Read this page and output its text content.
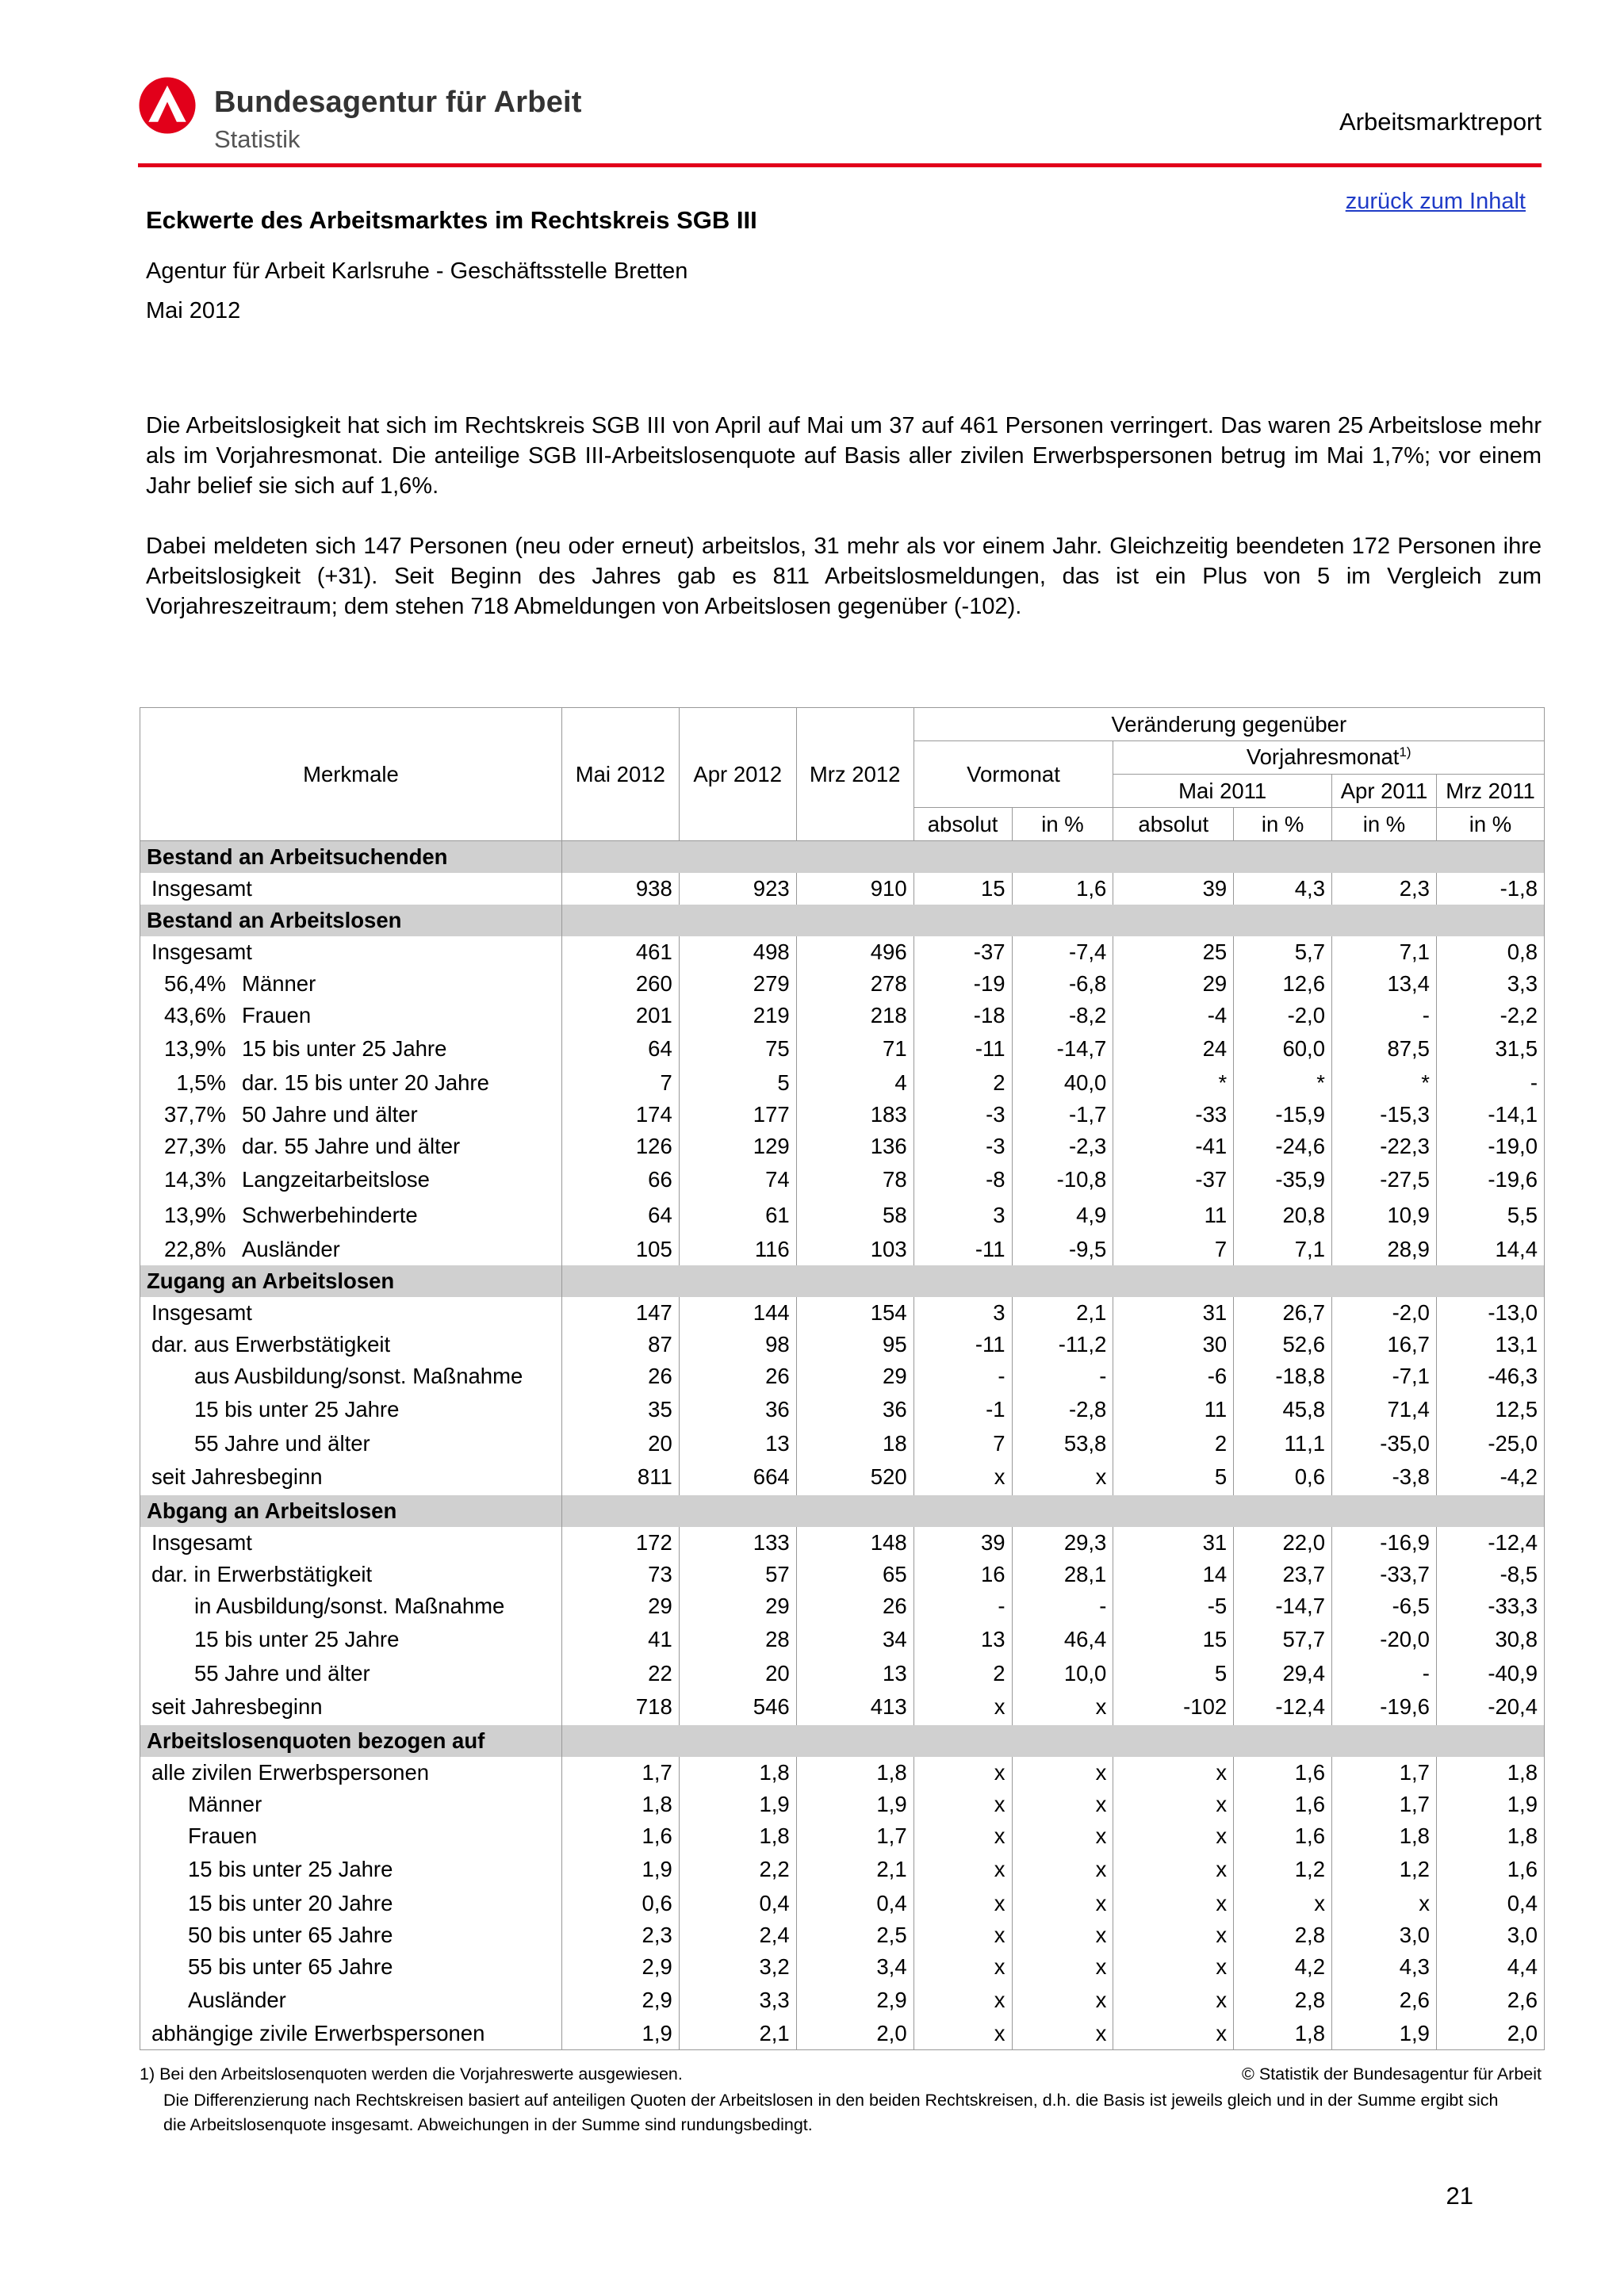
Bundesagentur für Arbeit
Statistik
Arbeitsmarktreport
zurück zum Inhalt
Eckwerte des Arbeitsmarktes im Rechtskreis SGB III
Agentur für Arbeit Karlsruhe - Geschäftsstelle Bretten
Mai 2012

Die Arbeitslosigkeit hat sich im Rechtskreis SGB III von April auf Mai um 37 auf 461 Personen verringert. Das waren 25 Arbeitslose mehr als im Vorjahresmonat. Die anteilige SGB III-Arbeitslosenquote auf Basis aller zivilen Erwerbspersonen betrug im Mai 1,7%; vor einem Jahr belief sie sich auf 1,6%.

Dabei meldeten sich 147 Personen (neu oder erneut) arbeitslos, 31 mehr als vor einem Jahr. Gleichzeitig beendeten 172 Personen ihre Arbeitslosigkeit (+31). Seit Beginn des Jahres gab es 811 Arbeitslosmeldungen, das ist ein Plus von 5 im Vergleich zum Vorjahreszeitraum; dem stehen 718 Abmeldungen von Arbeitslosen gegenüber (-102).

Merkmale	Mai 2012	Apr 2012	Mrz 2012	Veränderung gegenüber					
				Vormonat		Vorjahresmonat$^{1)}$
						Mai 2011		Apr 2011	Mrz 2011
				absolut	in %	absolut	in %	in %	in %
Bestand an Arbeitsuchenden									
Insgesamt	938	923	910	15	1,6	39	4,3	2,3	-1,8
Bestand an Arbeitslosen									
Insgesamt	461	498	496	-37	-7,4	25	5,7	7,1	0,8
56,4% Männer	260	279	278	-19	-6,8	29	12,6	13,4	3,3
43,6% Frauen	201	219	218	-18	-8,2	-4	-2,0	-	-2,2
13,9% 15 bis unter 25 Jahre	64	75	71	-11	-14,7	24	60,0	87,5	31,5
1,5% dar. 15 bis unter 20 Jahre	7	5	4	2	40,0	*	*	*	-
37,7% 50 Jahre und älter	174	177	183	-3	-1,7	-33	-15,9	-15,3	-14,1
27,3% dar. 55 Jahre und älter	126	129	136	-3	-2,3	-41	-24,6	-22,3	-19,0
14,3% Langzeitarbeitslose	66	74	78	-8	-10,8	-37	-35,9	-27,5	-19,6
13,9% Schwerbehinderte	64	61	58	3	4,9	11	20,8	10,9	5,5
22,8% Ausländer	105	116	103	-11	-9,5	7	7,1	28,9	14,4
Zugang an Arbeitslosen									
Insgesamt	147	144	154	3	2,1	31	26,7	-2,0	-13,0
dar. aus Erwerbstätigkeit	87	98	95	-11	-11,2	30	52,6	16,7	13,1
aus Ausbildung/sonst. Maßnahme	26	26	29	-	-	-6	-18,8	-7,1	-46,3
15 bis unter 25 Jahre	35	36	36	-1	-2,8	11	45,8	71,4	12,5
55 Jahre und älter	20	13	18	7	53,8	2	11,1	-35,0	-25,0
seit Jahresbeginn	811	664	520	x	x	5	0,6	-3,8	-4,2
Abgang an Arbeitslosen									
Insgesamt	172	133	148	39	29,3	31	22,0	-16,9	-12,4
dar. in Erwerbstätigkeit	73	57	65	16	28,1	14	23,7	-33,7	-8,5
in Ausbildung/sonst. Maßnahme	29	29	26	-	-	-5	-14,7	-6,5	-33,3
15 bis unter 25 Jahre	41	28	34	13	46,4	15	57,7	-20,0	30,8
55 Jahre und älter	22	20	13	2	10,0	5	29,4	-	-40,9
seit Jahresbeginn	718	546	413	x	x	-102	-12,4	-19,6	-20,4
Arbeitslosenquoten bezogen auf									
alle zivilen Erwerbspersonen	1,7	1,8	1,8	x	x	x	1,6	1,7	1,8
Männer	1,8	1,9	1,9	x	x	x	1,6	1,7	1,9
Frauen	1,6	1,8	1,7	x	x	x	1,6	1,8	1,8
15 bis unter 25 Jahre	1,9	2,2	2,1	x	x	x	1,2	1,2	1,6
15 bis unter 20 Jahre	0,6	0,4	0,4	x	x	x	x	x	0,4
50 bis unter 65 Jahre	2,3	2,4	2,5	x	x	x	2,8	3,0	3,0
55 bis unter 65 Jahre	2,9	3,2	3,4	x	x	x	4,2	4,3	4,4
Ausländer	2,9	3,3	2,9	x	x	x	2,8	2,6	2,6
abhängige zivile Erwerbspersonen	1,9	2,1	2,0	x	x	x	1,8	1,9	2,0
1) Bei den Arbeitslosenquoten werden die Vorjahreswerte ausgewiesen.	© Statistik der Bundesagentur für Arbeit
Die Differenzierung nach Rechtskreisen basiert auf anteiligen Quoten der Arbeitslosen in den beiden Rechtskreisen, d.h. die Basis ist jeweils gleich und in der Summe ergibt sich die Arbeitslosenquote insgesamt. Abweichungen in der Summe sind rundungsbedingt.
21
